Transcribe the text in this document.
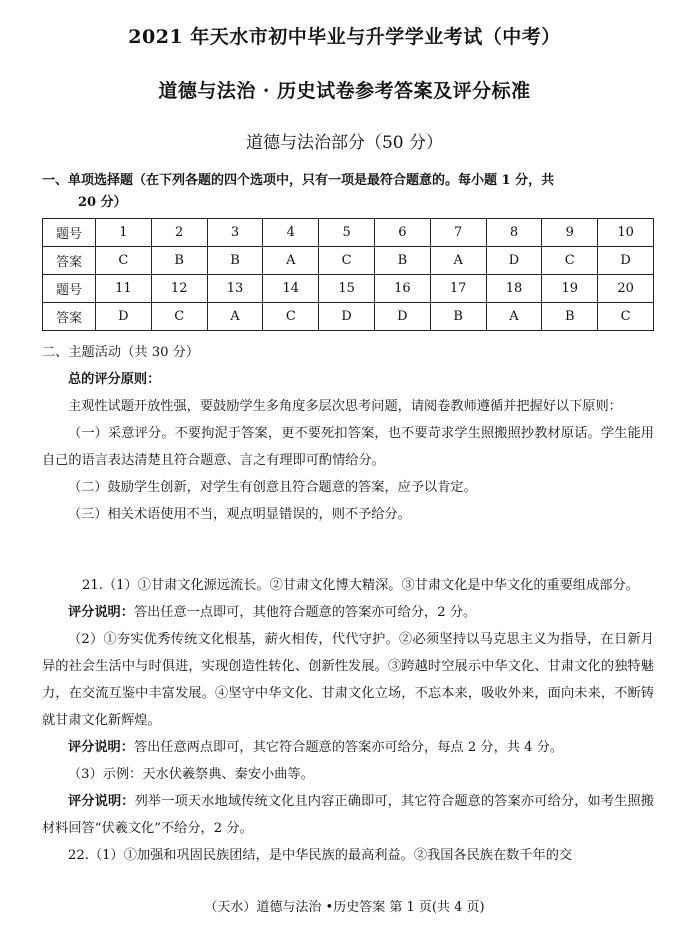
2021 年天水市初中毕业与升学学业考试（中考）
道德与法治 · 历史试卷参考答案及评分标准
道德与法治部分（50 分）
一、单项选择题（在下列各题的四个选项中，只有一项是最符合题意的。每小题 1 分，共
20 分）
题号	1	2	3	4	5	6	7	8	9	10
答案	C	B	B	A	C	B	A	D	C	D
题号	11	12	13	14	15	16	17	18	19	20
答案	D	C	A	C	D	D	B	A	B	C

二、主题活动（共 30 分）

总的评分原则：

主观性试题开放性强，要鼓励学生多角度多层次思考问题，请阅卷教师遵循并把握好以下原则：

（一）采意评分。不要拘泥于答案，更不要死扣答案，也不要苛求学生照搬照抄教材原话。学生能用自己的语言表达清楚且符合题意、言之有理即可酌情给分。

（二）鼓励学生创新，对学生有创意且符合题意的答案，应予以肯定。

（三）相关术语使用不当，观点明显错误的，则不予给分。

21.（1）①甘肃文化源远流长。②甘肃文化博大精深。③甘肃文化是中华文化的重要组成部分。

评分说明：答出任意一点即可，其他符合题意的答案亦可给分，2 分。

（2）①夯实优秀传统文化根基，薪火相传，代代守护。②必须坚持以马克思主义为指导，在日新月异的社会生活中与时俱进，实现创造性转化、创新性发展。③跨越时空展示中华文化、甘肃文化的独特魅力，在交流互鉴中丰富发展。④坚守中华文化、甘肃文化立场，不忘本来，吸收外来，面向未来，不断铸就甘肃文化新辉煌。

评分说明：答出任意两点即可，其它符合题意的答案亦可给分，每点 2 分，共 4 分。

（3）示例：天水伏羲祭典、秦安小曲等。

评分说明：列举一项天水地域传统文化且内容正确即可，其它符合题意的答案亦可给分，如考生照搬材料回答“伏羲文化”不给分，2 分。

22.（1）①加强和巩固民族团结，是中华民族的最高利益。②我国各民族在数千年的交

（天水）道德与法治 •历史答案 第 1 页(共 4 页)
